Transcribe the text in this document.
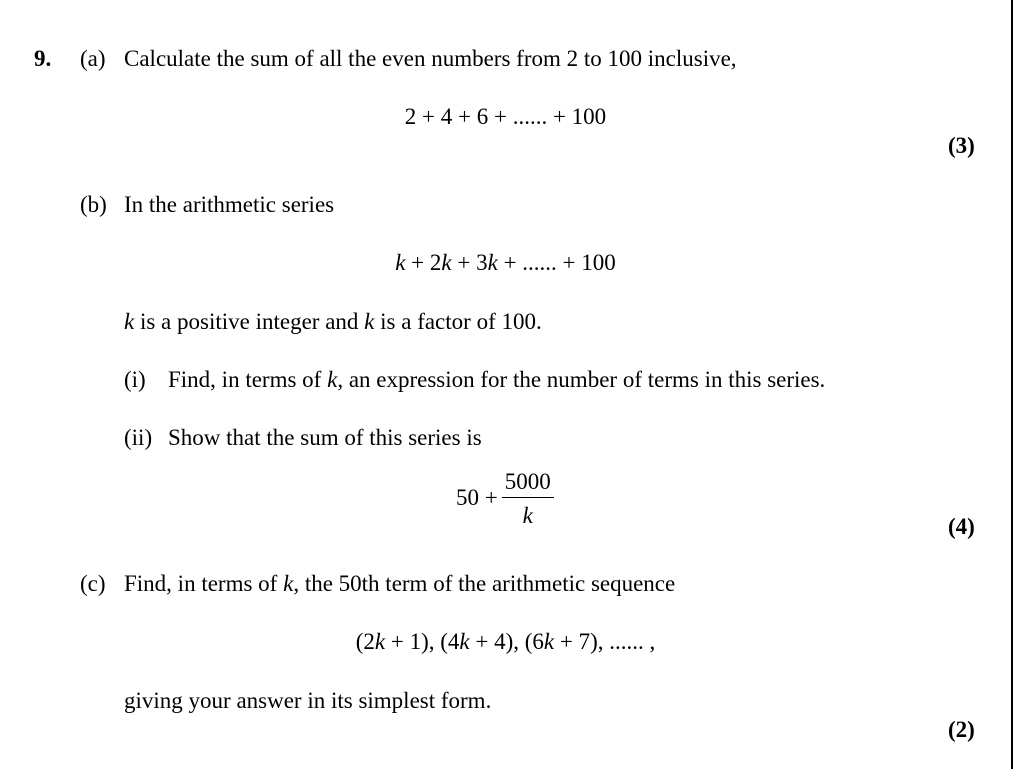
9. (a) Calculate the sum of all the even numbers from 2 to 100 inclusive,
2 + 4 + 6 + ...... + 100
(3)
(b) In the arithmetic series
k + 2k + 3k + ...... + 100
k is a positive integer and k is a factor of 100.
(i) Find, in terms of k, an expression for the number of terms in this series.
(ii) Show that the sum of this series is
$50 + \frac{5000}{k}$	(4)
(c) Find, in terms of k, the 50th term of the arithmetic sequence
(2k + 1), (4k + 4), (6k + 7), ...... ,
giving your answer in its simplest form.
(2)
